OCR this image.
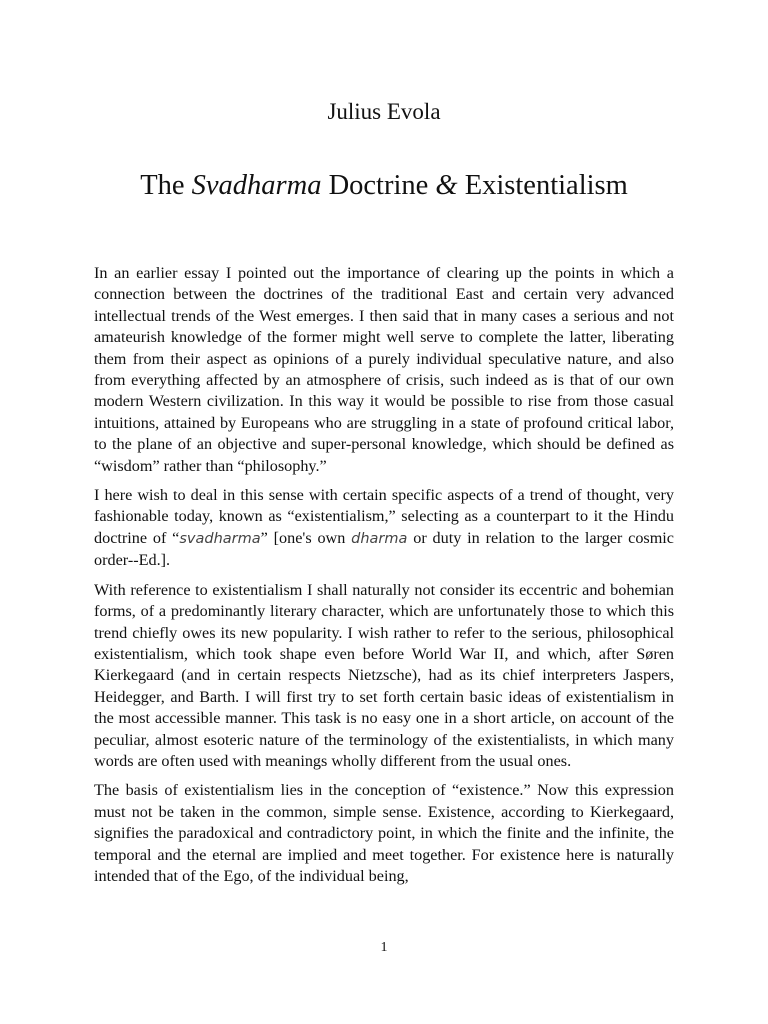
Julius Evola
The Svadharma Doctrine & Existentialism

In an earlier essay I pointed out the importance of clearing up the points in which a connection between the doctrines of the traditional East and certain very advanced intellectual trends of the West emerges. I then said that in many cases a serious and not amateurish knowledge of the former might well serve to complete the latter, liberating them from their aspect as opinions of a purely individual speculative nature, and also from everything affected by an atmosphere of crisis, such indeed as is that of our own modern Western civilization. In this way it would be possible to rise from those casual intuitions, attained by Europeans who are struggling in a state of profound critical labor, to the plane of an objective and super-personal knowledge, which should be defined as “wisdom” rather than “philosophy.”

I here wish to deal in this sense with certain specific aspects of a trend of thought, very fashionable today, known as “existentialism,” selecting as a counterpart to it the Hindu doctrine of “svadharma” [one's own dharma or duty in relation to the larger cosmic order--Ed.].

With reference to existentialism I shall naturally not consider its eccentric and bohemian forms, of a predominantly literary character, which are unfortunately those to which this trend chiefly owes its new popularity. I wish rather to refer to the serious, philosophical existentialism, which took shape even before World War II, and which, after Søren Kierkegaard (and in certain respects Nietzsche), had as its chief interpreters Jaspers, Heidegger, and Barth. I will first try to set forth certain basic ideas of existentialism in the most accessible manner. This task is no easy one in a short article, on account of the peculiar, almost esoteric nature of the terminology of the existentialists, in which many words are often used with meanings wholly different from the usual ones.

The basis of existentialism lies in the conception of “existence.” Now this expression must not be taken in the common, simple sense. Existence, according to Kierkegaard, signifies the paradoxical and contradictory point, in which the finite and the infinite, the temporal and the eternal are implied and meet together. For existence here is naturally intended that of the Ego, of the individual being,

1
